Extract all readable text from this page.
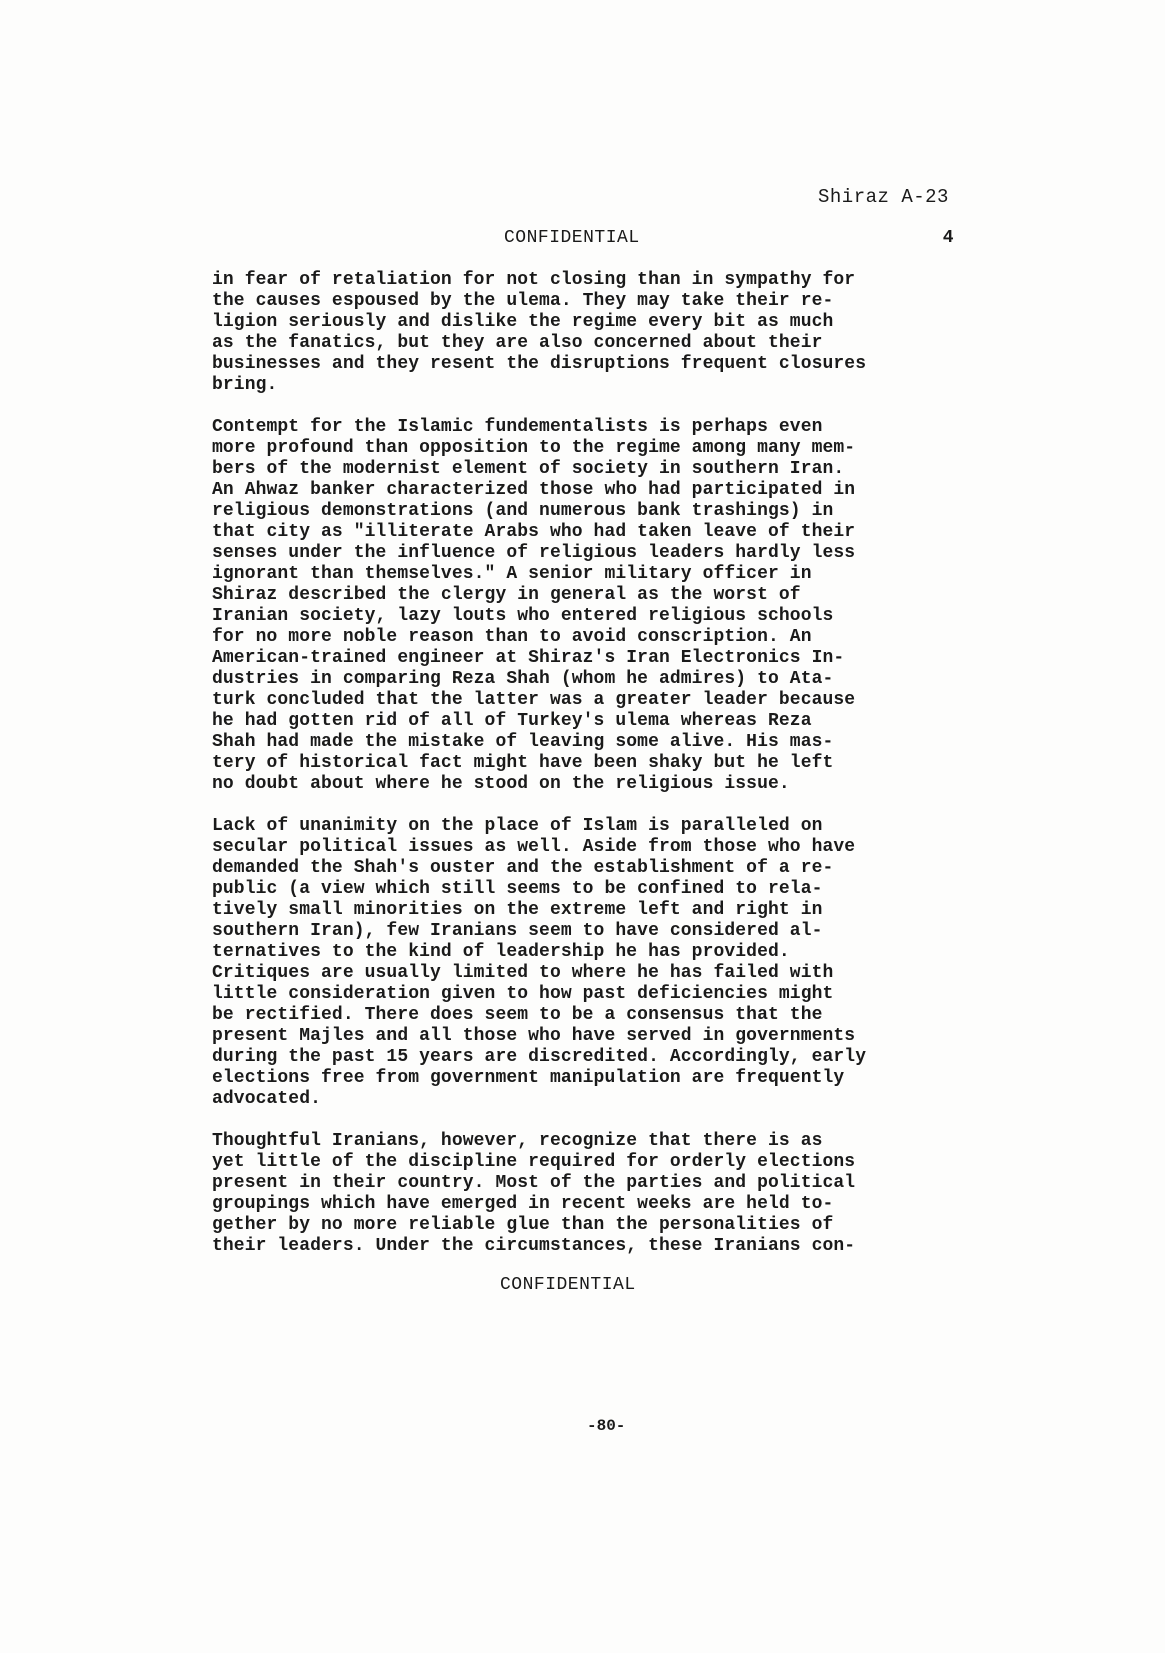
Shiraz A-23
CONFIDENTIAL	4
in fear of retaliation for not closing than in sympathy for
the causes espoused by the ulema. They may take their re-
ligion seriously and dislike the regime every bit as much
as the fanatics, but they are also concerned about their
businesses and they resent the disruptions frequent closures
bring.
Contempt for the Islamic fundementalists is perhaps even
more profound than opposition to the regime among many mem-
bers of the modernist element of society in southern Iran.
An Ahwaz banker characterized those who had participated in
religious demonstrations (and numerous bank trashings) in
that city as "illiterate Arabs who had taken leave of their
senses under the influence of religious leaders hardly less
ignorant than themselves." A senior military officer in
Shiraz described the clergy in general as the worst of
Iranian society, lazy louts who entered religious schools
for no more noble reason than to avoid conscription. An
American-trained engineer at Shiraz's Iran Electronics In-
dustries in comparing Reza Shah (whom he admires) to Ata-
turk concluded that the latter was a greater leader because
he had gotten rid of all of Turkey's ulema whereas Reza
Shah had made the mistake of leaving some alive. His mas-
tery of historical fact might have been shaky but he left
no doubt about where he stood on the religious issue.
Lack of unanimity on the place of Islam is paralleled on
secular political issues as well. Aside from those who have
demanded the Shah's ouster and the establishment of a re-
public (a view which still seems to be confined to rela-
tively small minorities on the extreme left and right in
southern Iran), few Iranians seem to have considered al-
ternatives to the kind of leadership he has provided.
Critiques are usually limited to where he has failed with
little consideration given to how past deficiencies might
be rectified. There does seem to be a consensus that the
present Majles and all those who have served in governments
during the past 15 years are discredited. Accordingly, early
elections free from government manipulation are frequently
advocated.
Thoughtful Iranians, however, recognize that there is as
yet little of the discipline required for orderly elections
present in their country. Most of the parties and political
groupings which have emerged in recent weeks are held to-
gether by no more reliable glue than the personalities of
their leaders. Under the circumstances, these Iranians con-
CONFIDENTIAL
-80-
